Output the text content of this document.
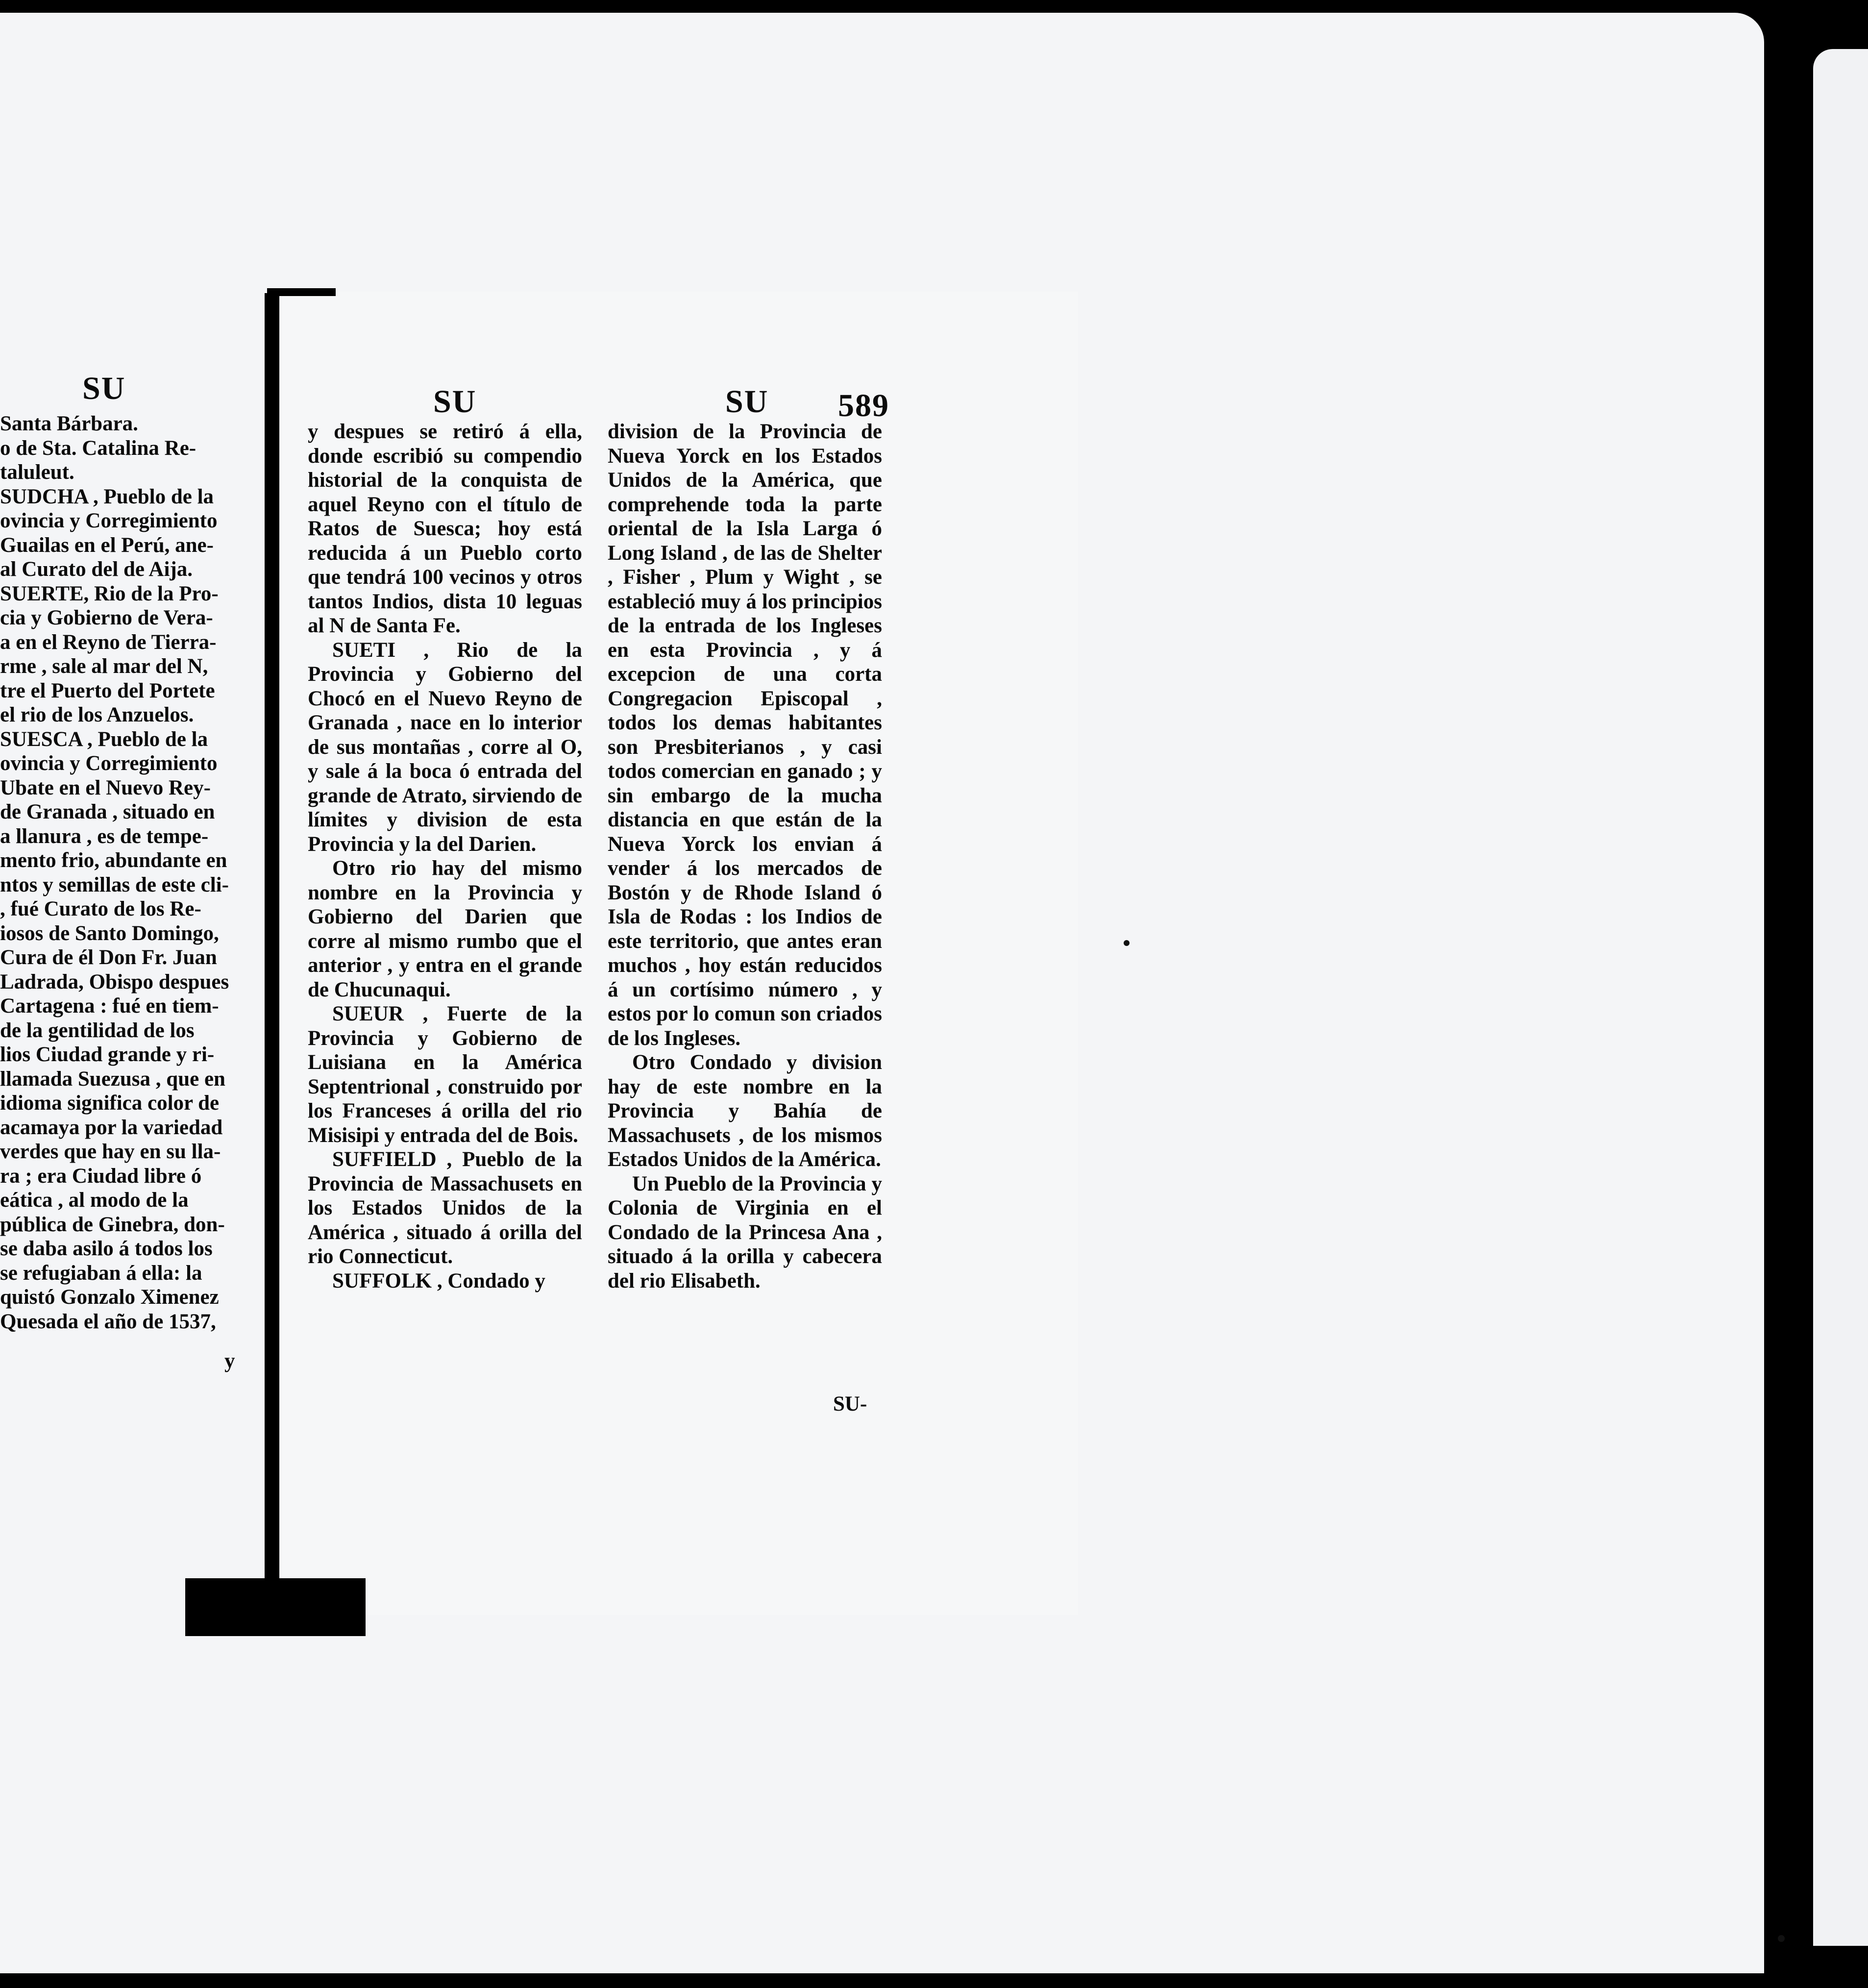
SU	SU	SU 589

Santa Bárbara.

o de Sta. Catalina Re-

taluleut.

SUDCHA , Pueblo de la

ovincia y Corregimiento

Guailas en el Perú, ane-

al Curato del de Aija.

SUERTE, Rio de la Pro-

cia y Gobierno de Vera-

a en el Reyno de Tierra-

rme , sale al mar del N,

tre el Puerto del Portete

el rio de los Anzuelos.

SUESCA , Pueblo de la

ovincia y Corregimiento

Ubate en el Nuevo Rey-

de Granada , situado en

a llanura , es de tempe-

mento frio, abundante en

ntos y semillas de este cli-

, fué Curato de los Re-

iosos de Santo Domingo,

Cura de él Don Fr. Juan

Ladrada, Obispo despues

Cartagena : fué en tiem-

de la gentilidad de los

lios Ciudad grande y ri-

llamada Suezusa , que en

idioma significa color de

acamaya por la variedad

verdes que hay en su lla-

ra ; era Ciudad libre ó

eática , al modo de la

pública de Ginebra, don-

se daba asilo á todos los

se refugiaban á ella: la

quistó Gonzalo Ximenez

Quesada el año de 1537,

y

y despues se retiró á ella, donde escribió su compendio historial de la conquista de aquel Reyno con el título de Ratos de Suesca; hoy está reducida á un Pueblo corto que tendrá 100 vecinos y otros tantos Indios, dista 10 leguas al N de Santa Fe.

SUETI , Rio de la Provincia y Gobierno del Chocó en el Nuevo Reyno de Granada , nace en lo interior de sus montañas , corre al O, y sale á la boca ó entrada del grande de Atrato, sirviendo de límites y division de esta Provincia y la del Darien.

Otro rio hay del mismo nombre en la Provincia y Gobierno del Darien que corre al mismo rumbo que el anterior , y entra en el grande de Chucunaqui.

SUEUR , Fuerte de la Provincia y Gobierno de Luisiana en la América Septentrional , construido por los Franceses á orilla del rio Misisipi y entrada del de Bois.

SUFFIELD , Pueblo de la Provincia de Massachusets en los Estados Unidos de la América , situado á orilla del rio Connecticut.

SUFFOLK , Condado y

division de la Provincia de Nueva Yorck en los Estados Unidos de la América, que comprehende toda la parte oriental de la Isla Larga ó Long Island , de las de Shelter , Fisher , Plum y Wight , se estableció muy á los principios de la entrada de los Ingleses en esta Provincia , y á excepcion de una corta Congregacion Episcopal , todos los demas habitantes son Presbiterianos , y casi todos comercian en ganado ; y sin embargo de la mucha distancia en que están de la Nueva Yorck los envian á vender á los mercados de Bostón y de Rhode Island ó Isla de Rodas : los Indios de este territorio, que antes eran muchos , hoy están reducidos á un cortísimo número , y estos por lo comun son criados de los Ingleses.

Otro Condado y division hay de este nombre en la Provincia y Bahía de Massachusets , de los mismos Estados Unidos de la América.

Un Pueblo de la Provincia y Colonia de Virginia en el Condado de la Princesa Ana , situado á la orilla y cabecera del rio Elisabeth.

SU-
